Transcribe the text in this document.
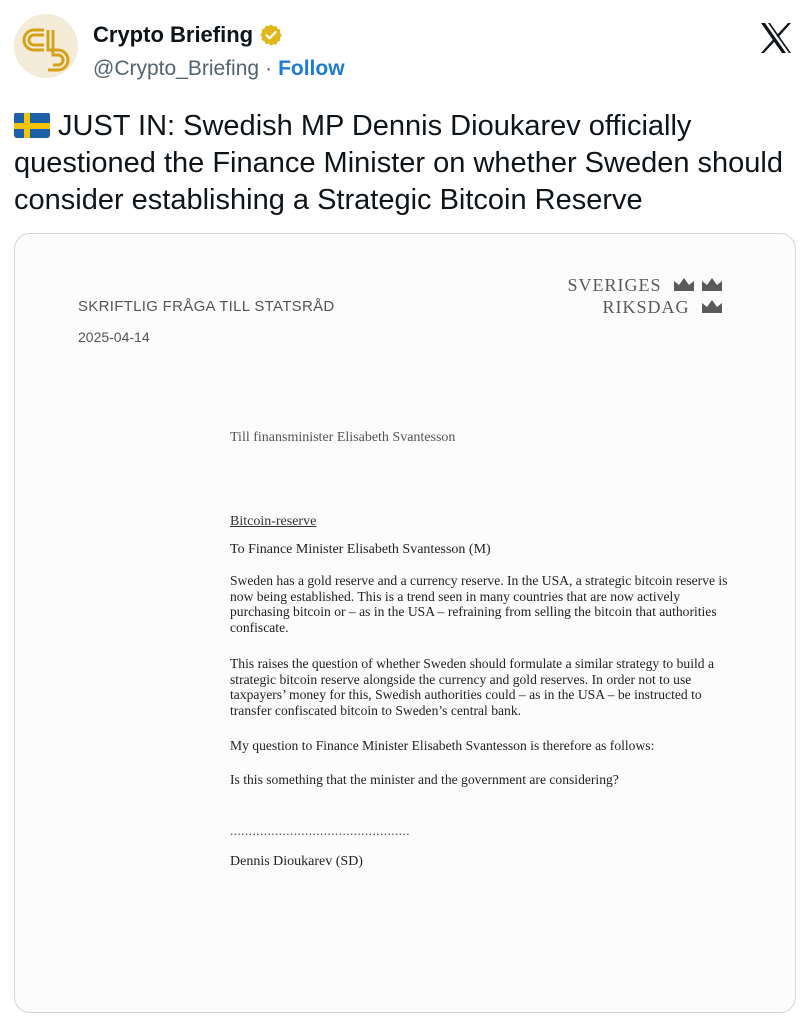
Crypto Briefing
@Crypto_Briefing · Follow
JUST IN: Swedish MP Dennis Dioukarev officially questioned the Finance Minister on whether Sweden should consider establishing a Strategic Bitcoin Reserve
SKRIFTLIG FRÅGA TILL STATSRÅD
2025-04-14
SVERIGES
RIKSDAG
Till finansminister Elisabeth Svantesson
Bitcoin-reserve
To Finance Minister Elisabeth Svantesson (M)
Sweden has a gold reserve and a currency reserve. In the USA, a strategic bitcoin reserve is now being established. This is a trend seen in many countries that are now actively purchasing bitcoin or – as in the USA – refraining from selling the bitcoin that authorities confiscate.
This raises the question of whether Sweden should formulate a similar strategy to build a strategic bitcoin reserve alongside the currency and gold reserves. In order not to use taxpayers’ money for this, Swedish authorities could – as in the USA – be instructed to transfer confiscated bitcoin to Sweden’s central bank.
My question to Finance Minister Elisabeth Svantesson is therefore as follows:
Is this something that the minister and the government are considering?
................................................
Dennis Dioukarev (SD)
